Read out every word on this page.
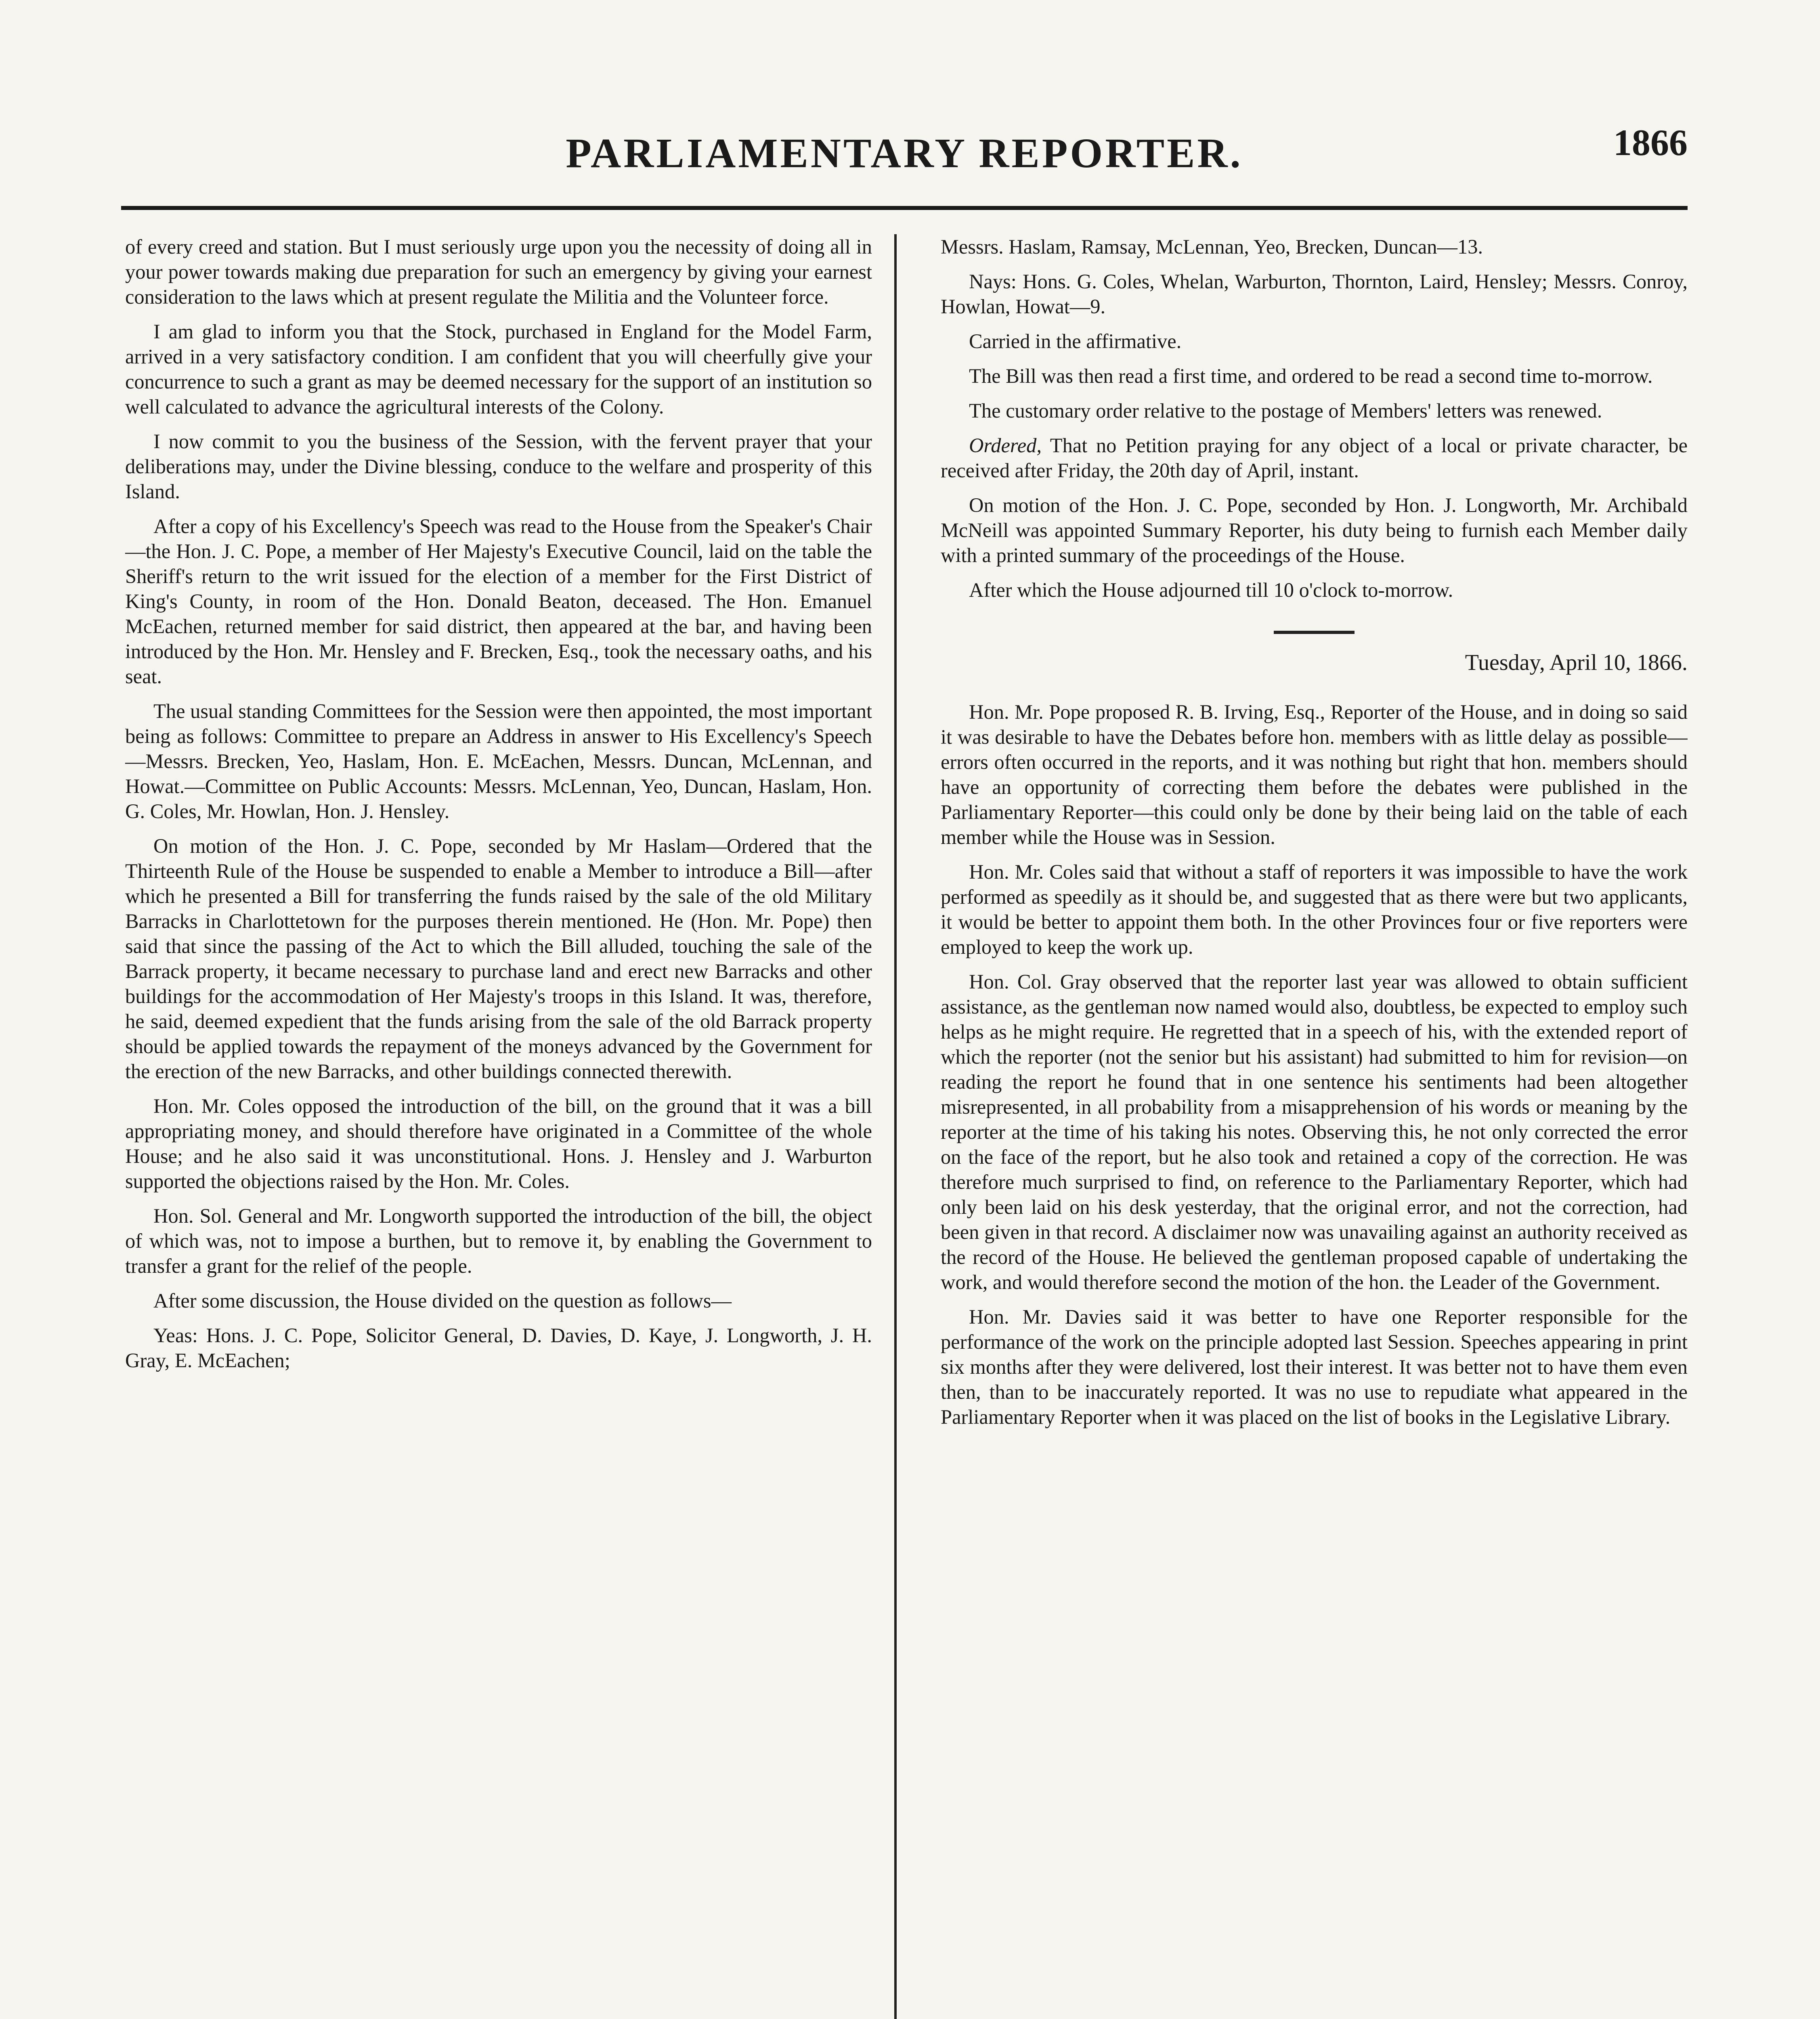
PARLIAMENTARY REPORTER.	1866

of every creed and station. But I must seriously urge upon you the necessity of doing all in your power towards making due preparation for such an emergency by giving your earnest consideration to the laws which at present regulate the Militia and the Volunteer force.

I am glad to inform you that the Stock, purchased in England for the Model Farm, arrived in a very satisfactory condition. I am confident that you will cheerfully give your concurrence to such a grant as may be deemed necessary for the support of an institution so well calculated to advance the agricultural interests of the Colony.

I now commit to you the business of the Session, with the fervent prayer that your deliberations may, under the Divine blessing, conduce to the welfare and prosperity of this Island.

After a copy of his Excellency's Speech was read to the House from the Speaker's Chair—the Hon. J. C. Pope, a member of Her Majesty's Executive Council, laid on the table the Sheriff's return to the writ issued for the election of a member for the First District of King's County, in room of the Hon. Donald Beaton, deceased. The Hon. Emanuel McEachen, returned member for said district, then appeared at the bar, and having been introduced by the Hon. Mr. Hensley and F. Brecken, Esq., took the necessary oaths, and his seat.

The usual standing Committees for the Session were then appointed, the most important being as follows: Committee to prepare an Address in answer to His Excellency's Speech—Messrs. Brecken, Yeo, Haslam, Hon. E. McEachen, Messrs. Duncan, McLennan, and Howat.—Committee on Public Accounts: Messrs. McLennan, Yeo, Duncan, Haslam, Hon. G. Coles, Mr. Howlan, Hon. J. Hensley.

On motion of the Hon. J. C. Pope, seconded by Mr Haslam—Ordered that the Thirteenth Rule of the House be suspended to enable a Member to introduce a Bill—after which he presented a Bill for transferring the funds raised by the sale of the old Military Barracks in Charlottetown for the purposes therein mentioned. He (Hon. Mr. Pope) then said that since the passing of the Act to which the Bill alluded, touching the sale of the Barrack property, it became necessary to purchase land and erect new Barracks and other buildings for the accommodation of Her Majesty's troops in this Island. It was, therefore, he said, deemed expedient that the funds arising from the sale of the old Barrack property should be applied towards the repayment of the moneys advanced by the Government for the erection of the new Barracks, and other buildings connected therewith.

Hon. Mr. Coles opposed the introduction of the bill, on the ground that it was a bill appropriating money, and should therefore have originated in a Committee of the whole House; and he also said it was unconstitutional. Hons. J. Hensley and J. Warburton supported the objections raised by the Hon. Mr. Coles.

Hon. Sol. General and Mr. Longworth supported the introduction of the bill, the object of which was, not to impose a burthen, but to remove it, by enabling the Government to transfer a grant for the relief of the people.

After some discussion, the House divided on the question as follows—

Yeas: Hons. J. C. Pope, Solicitor General, D. Davies, D. Kaye, J. Longworth, J. H. Gray, E. McEachen;

Messrs. Haslam, Ramsay, McLennan, Yeo, Brecken, Duncan—13.

Nays: Hons. G. Coles, Whelan, Warburton, Thornton, Laird, Hensley; Messrs. Conroy, Howlan, Howat—9.

Carried in the affirmative.

The Bill was then read a first time, and ordered to be read a second time to-morrow.

The customary order relative to the postage of Members' letters was renewed.

Ordered, That no Petition praying for any object of a local or private character, be received after Friday, the 20th day of April, instant.

On motion of the Hon. J. C. Pope, seconded by Hon. J. Longworth, Mr. Archibald McNeill was appointed Summary Reporter, his duty being to furnish each Member daily with a printed summary of the proceedings of the House.

After which the House adjourned till 10 o'clock to-morrow.

Tuesday, April 10, 1866.

Hon. Mr. Pope proposed R. B. Irving, Esq., Reporter of the House, and in doing so said it was desirable to have the Debates before hon. members with as little delay as possible—errors often occurred in the reports, and it was nothing but right that hon. members should have an opportunity of correcting them before the debates were published in the Parliamentary Reporter—this could only be done by their being laid on the table of each member while the House was in Session.

Hon. Mr. Coles said that without a staff of reporters it was impossible to have the work performed as speedily as it should be, and suggested that as there were but two applicants, it would be better to appoint them both. In the other Provinces four or five reporters were employed to keep the work up.

Hon. Col. Gray observed that the reporter last year was allowed to obtain sufficient assistance, as the gentleman now named would also, doubtless, be expected to employ such helps as he might require. He regretted that in a speech of his, with the extended report of which the reporter (not the senior but his assistant) had submitted to him for revision—on reading the report he found that in one sentence his sentiments had been altogether misrepresented, in all probability from a misapprehension of his words or meaning by the reporter at the time of his taking his notes. Observing this, he not only corrected the error on the face of the report, but he also took and retained a copy of the correction. He was therefore much surprised to find, on reference to the Parliamentary Reporter, which had only been laid on his desk yesterday, that the original error, and not the correction, had been given in that record. A disclaimer now was unavailing against an authority received as the record of the House. He believed the gentleman proposed capable of undertaking the work, and would therefore second the motion of the hon. the Leader of the Government.

Hon. Mr. Davies said it was better to have one Reporter responsible for the performance of the work on the principle adopted last Session. Speeches appearing in print six months after they were delivered, lost their interest. It was better not to have them even then, than to be inaccurately reported. It was no use to repudiate what appeared in the Parliamentary Reporter when it was placed on the list of books in the Legislative Library.
